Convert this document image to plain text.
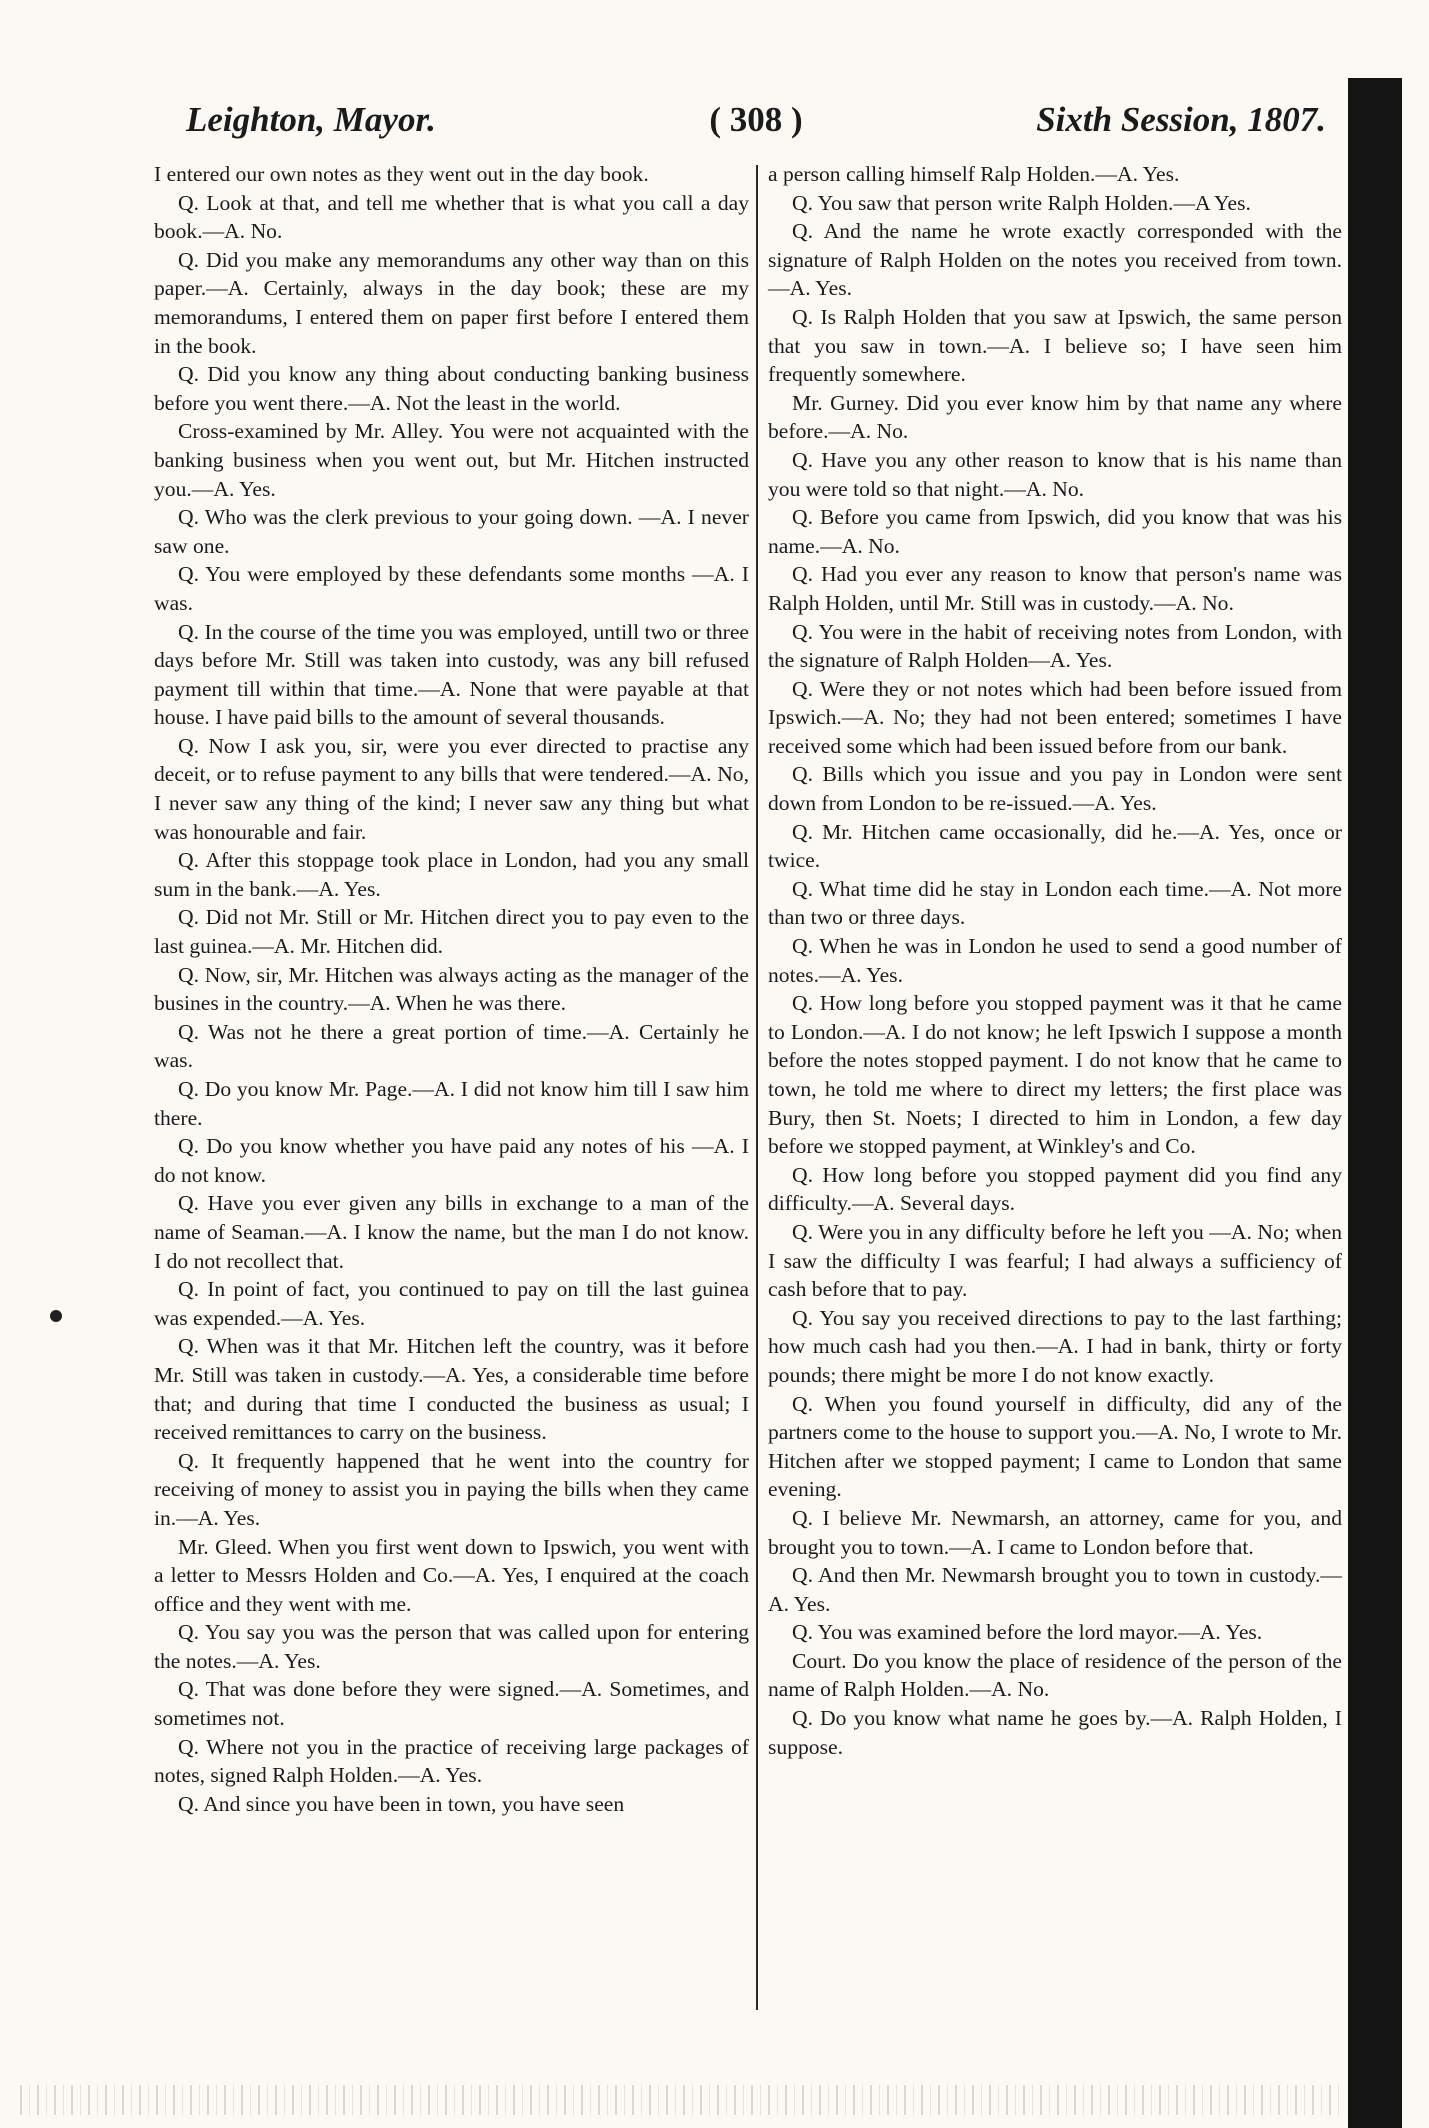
Leighton, Mayor.	( 308 )	Sixth Session, 1807.

I entered our own notes as they went out in the day book.

Q. Look at that, and tell me whether that is what you call a day book.—A. No.

Q. Did you make any memorandums any other way than on this paper.—A. Certainly, always in the day book; these are my memorandums, I entered them on paper first before I entered them in the book.

Q. Did you know any thing about conducting banking business before you went there.—A. Not the least in the world.

Cross-examined by Mr. Alley. You were not acquainted with the banking business when you went out, but Mr. Hitchen instructed you.—A. Yes.

Q. Who was the clerk previous to your going down. —A. I never saw one.

Q. You were employed by these defendants some months —A. I was.

Q. In the course of the time you was employed, untill two or three days before Mr. Still was taken into custody, was any bill refused payment till within that time.—A. None that were payable at that house. I have paid bills to the amount of several thousands.

Q. Now I ask you, sir, were you ever directed to practise any deceit, or to refuse payment to any bills that were tendered.—A. No, I never saw any thing of the kind; I never saw any thing but what was honourable and fair.

Q. After this stoppage took place in London, had you any small sum in the bank.—A. Yes.

Q. Did not Mr. Still or Mr. Hitchen direct you to pay even to the last guinea.—A. Mr. Hitchen did.

Q. Now, sir, Mr. Hitchen was always acting as the manager of the busines in the country.—A. When he was there.

Q. Was not he there a great portion of time.—A. Certainly he was.

Q. Do you know Mr. Page.—A. I did not know him till I saw him there.

Q. Do you know whether you have paid any notes of his —A. I do not know.

Q. Have you ever given any bills in exchange to a man of the name of Seaman.—A. I know the name, but the man I do not know. I do not recollect that.

Q. In point of fact, you continued to pay on till the last guinea was expended.—A. Yes.

Q. When was it that Mr. Hitchen left the country, was it before Mr. Still was taken in custody.—A. Yes, a considerable time before that; and during that time I conducted the business as usual; I received remittances to carry on the business.

Q. It frequently happened that he went into the country for receiving of money to assist you in paying the bills when they came in.—A. Yes.

Mr. Gleed. When you first went down to Ipswich, you went with a letter to Messrs Holden and Co.—A. Yes, I enquired at the coach office and they went with me.

Q. You say you was the person that was called upon for entering the notes.—A. Yes.

Q. That was done before they were signed.—A. Sometimes, and sometimes not.

Q. Where not you in the practice of receiving large packages of notes, signed Ralph Holden.—A. Yes.

Q. And since you have been in town, you have seen

a person calling himself Ralp Holden.—A. Yes.

Q. You saw that person write Ralph Holden.—A Yes.

Q. And the name he wrote exactly corresponded with the signature of Ralph Holden on the notes you received from town.—A. Yes.

Q. Is Ralph Holden that you saw at Ipswich, the same person that you saw in town.—A. I believe so; I have seen him frequently somewhere.

Mr. Gurney. Did you ever know him by that name any where before.—A. No.

Q. Have you any other reason to know that is his name than you were told so that night.—A. No.

Q. Before you came from Ipswich, did you know that was his name.—A. No.

Q. Had you ever any reason to know that person's name was Ralph Holden, until Mr. Still was in custody.—A. No.

Q. You were in the habit of receiving notes from London, with the signature of Ralph Holden—A. Yes.

Q. Were they or not notes which had been before issued from Ipswich.—A. No; they had not been entered; sometimes I have received some which had been issued before from our bank.

Q. Bills which you issue and you pay in London were sent down from London to be re-issued.—A. Yes.

Q. Mr. Hitchen came occasionally, did he.—A. Yes, once or twice.

Q. What time did he stay in London each time.—A. Not more than two or three days.

Q. When he was in London he used to send a good number of notes.—A. Yes.

Q. How long before you stopped payment was it that he came to London.—A. I do not know; he left Ipswich I suppose a month before the notes stopped payment. I do not know that he came to town, he told me where to direct my letters; the first place was Bury, then St. Noets; I directed to him in London, a few day before we stopped payment, at Winkley's and Co.

Q. How long before you stopped payment did you find any difficulty.—A. Several days.

Q. Were you in any difficulty before he left you —A. No; when I saw the difficulty I was fearful; I had always a sufficiency of cash before that to pay.

Q. You say you received directions to pay to the last farthing; how much cash had you then.—A. I had in bank, thirty or forty pounds; there might be more I do not know exactly.

Q. When you found yourself in difficulty, did any of the partners come to the house to support you.—A. No, I wrote to Mr. Hitchen after we stopped payment; I came to London that same evening.

Q. I believe Mr. Newmarsh, an attorney, came for you, and brought you to town.—A. I came to London before that.

Q. And then Mr. Newmarsh brought you to town in custody.—A. Yes.

Q. You was examined before the lord mayor.—A. Yes.

Court. Do you know the place of residence of the person of the name of Ralph Holden.—A. No.

Q. Do you know what name he goes by.—A. Ralph Holden, I suppose.
